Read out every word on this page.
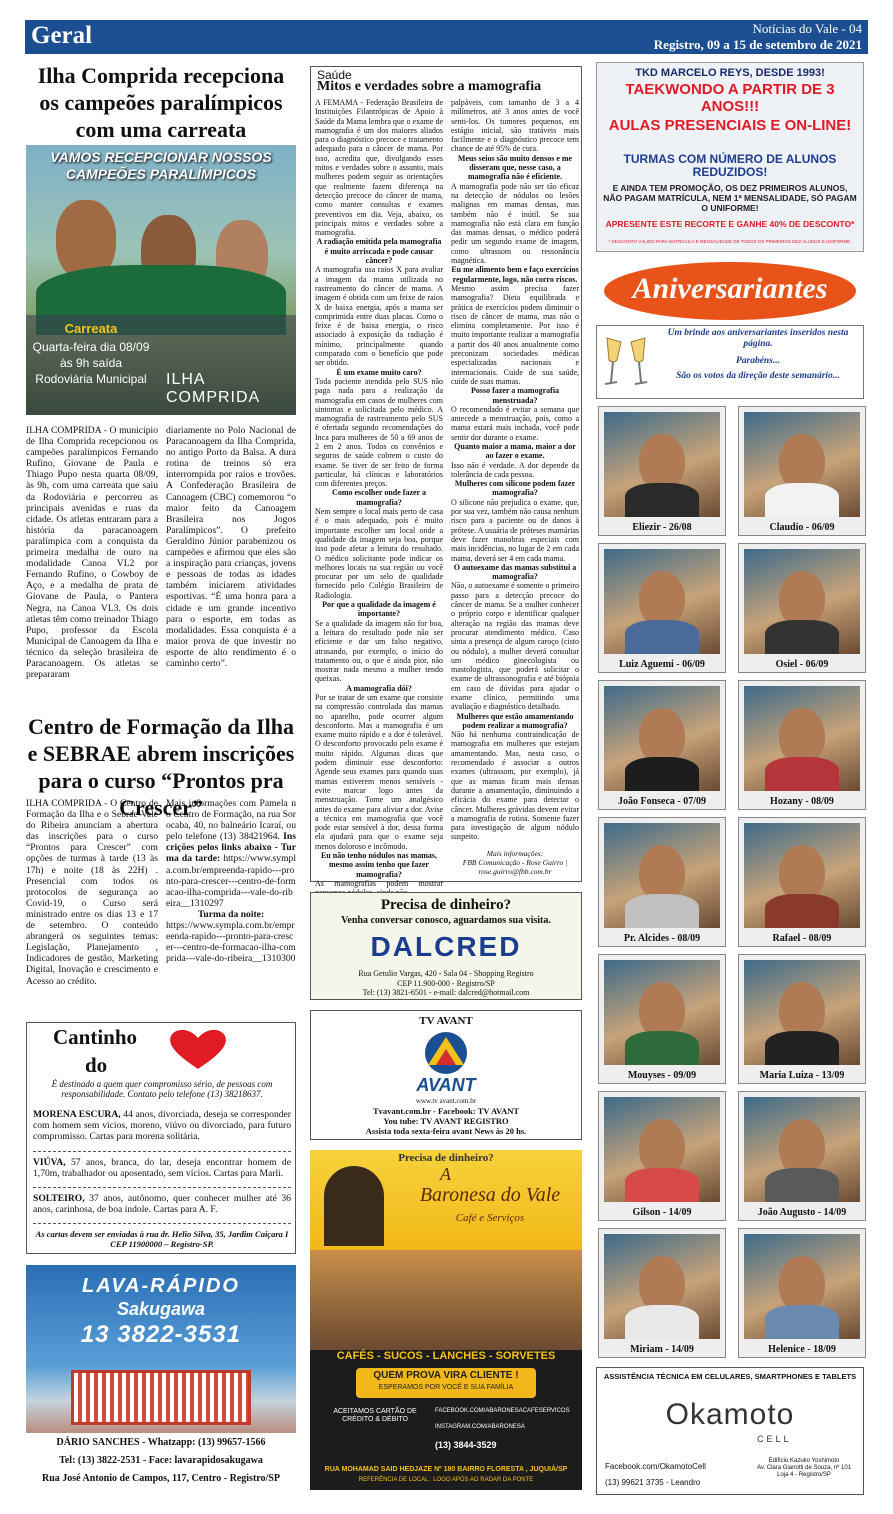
Geral	Notícias do Vale - 04
Registro, 09 a 15 de setembro de 2021
Ilha Comprida recepciona os campeões paralímpicos com uma carreata
VAMOS RECEPCIONAR NOSSOS CAMPEÕES PARALÍMPICOS
Carreata
Quarta-feira dia 08/09 às 9h saída Rodoviária Municipal ILHA COMPRIDA
ILHA COMPRIDA - O município de Ilha Comprida recepcionou os campeões paralímpicos Fernando Rufino, Giovane de Paula e Thiago Pupo nesta quarta 08/09, às 9h, com uma carreata que saiu da Rodoviária e percorreu as principais avenidas e ruas da cidade. Os atletas entraram para a história da paracanoagem paralímpica com a conquista da primeira medalha de ouro na modalidade Canoa VL2 por Fernando Rufino, o Cowboy de Aço, e a medalha de prata de Giovane de Paula, o Pantera Negra, na Canoa VL3. Os dois atletas têm como treinador Thiago Pupo, professor da Escola Municipal de Canoagem da Ilha e técnico da seleção brasileira de Paracanoagem. Os atletas se prepararam
diariamente no Polo Nacional de Paracanoagem da Ilha Comprida, no antigo Porto da Balsa. A dura rotina de treinos só era interrompida por raios e trovões. A Confederação Brasileira de Canoagem (CBC) comemorou “o maior feito da Canoagem Brasileira nos Jogos Paralímpicos”. O prefeito Geraldino Júnior parabenizou os campeões e afirmou que eles são a inspiração para crianças, jovens e pessoas de todas as idades também iniciarem atividades esportivas. “É uma honra para a cidade e um grande incentivo para o esporte, em todas as modalidades. Essa conquista é a maior prova de que investir no esporte de alto rendimento é o caminho certo”.
Centro de Formação da Ilha e SEBRAE abrem inscrições para o curso “Prontos pra Crescer”
ILHA COMPRIDA - O Centro de Formação da Ilha e o Sebrae-Vale do Ribeira anunciam a abertura das inscrições para o curso “Prontos para Crescer” com opções de turmas à tarde (13 às 17h) e noite (18 às 22H) . Presencial com todos os protocolos de segurança ao Covid-19, o Curso será ministrado entre os dias 13 e 17 de setembro. O conteúdo abrangerá os seguintes temas: Legislação, Planejamento , Indicadores de gestão, Marketing Digital, Inovação e crescimento e Acesso ao crédito.
Mais informações com Pamela no Centro de Formação, na rua Sorocaba, 40, no balneário Icaraí, ou pelo telefone (13) 38421964. Inscrições pelos links abaixo - Turma da tarde: https://www.sympla.com.br/empreenda-rapido---pronto-para-crescer---centro-de-formacao-ilha-comprida---vale-do-ribeira__1310297
Turma da noite:
https://www.sympla.com.br/empreenda-rapido---pronto-para-crescer---centro-de-formacao-ilha-comprida---vale-do-ribeira__1310300
Cantinho
do
É destinado a quem quer compromisso sério, de pessoas com responsabilidade. Contato pelo telefone (13) 38218637.
MORENA ESCURA, 44 anos, divorciada, deseja se corresponder com homem sem vícios, moreno, viúvo ou divorciado, para futuro compromisso. Cartas para morena solitária.
VIÚVA, 57 anos, branca, do lar, deseja encontrar homem de 1,70m, trabalhador ou aposentado, sem vícios. Cartas para Marli.
SOLTEIRO, 37 anos, autônomo, quer conhecer mulher até 36 anos, carinhosa, de boa índole. Cartas para A. F.
As cartas devem ser enviadas à rua dr. Helio Silva, 35, Jardim Caiçara I CEP 11900000 – Registro-SP.
LAVA-RÁPIDO
Sakugawa
13 3822-3531
DÁRIO SANCHES - Whatzapp: (13) 99657-1566
Tel: (13) 3822-2531 - Face: lavarapidosakugawa
Rua José Antonio de Campos, 117, Centro - Registro/SP
Saúde
Mitos e verdades sobre a mamografia
A FEMAMA - Federação Brasileira de Instituições Filantrópicas de Apoio à Saúde da Mama lembra que o exame de mamografia é um dos maiores aliados para o diagnóstico precoce e tratamento adequado para o câncer de mama. Por isso, acredita que, divulgando esses mitos e verdades sobre o assunto, mais mulheres podem seguir as orientações que realmente fazem diferença na detecção precoce do câncer de mama, como manter consultas e exames preventivos em dia. Veja, abaixo, os principais mitos e verdades sobre a mamografia.
A radiação emitida pela mamografia é muito arriscada e pode causar câncer?
A mamografia usa raios X para avaliar a imagem da mama utilizada no rastreamento do câncer de mama. A imagem é obtida com um feixe de raios X de baixa energia, após a mama ser comprimida entre duas placas. Como o feixe é de baixa energia, o risco associado à exposição da radiação é mínimo, principalmente quando comparado com o benefício que pode ser obtido.
É um exame muito caro?
Toda paciente atendida pelo SUS não paga nada para a realização da mamografia em casos de mulheres com sintomas e solicitada pelo médico. A mamografia de rastreamento pelo SUS é ofertada segundo recomendações do Inca para mulheres de 50 a 69 anos de 2 em 2 anos. Todos os convênios e seguros de saúde cobrem o custo do exame. Se tiver de ser feito de forma particular, há clínicas e laboratórios com diferentes preços.
Como escolher onde fazer a mamografia?
Nem sempre o local mais perto de casa é o mais adequado, pois é muito importante escolher um local onde a qualidade da imagem seja boa, porque isso pode afetar a leitura do resultado. O médico solicitante pode indicar os melhores locais na sua região ou você procurar por um selo de qualidade fornecido pelo Colégio Brasileiro de Radiologia.
Por que a qualidade da imagem é importante?
Se a qualidade da imagem não for boa, a leitura do resultado pode não ser eficiente e dar um falso negativo, atrasando, por exemplo, o início do tratamento ou, o que é ainda pior, não mostrar nada mesmo a mulher tendo queixas.
A mamografia dói?
Por se tratar de um exame que consiste na compressão controlada das mamas no aparelho, pode ocorrer algum desconforto. Mas a mamografia é um exame muito rápido e a dor é tolerável. O desconforto provocado pelo exame é muito rápido. Algumas dicas que podem diminuir esse desconforto: Agende seus exames para quando suas mamas estiverem menos sensíveis - evite marcar logo antes da menstruação. Tome um analgésico antes do exame para aliviar a dor. Avise a técnica em mamografia que você pode estar sensível à dor, dessa forma ela ajudará para que o exame seja menos doloroso e incômodo.
Eu não tenho nódulos nas mamas, mesmo assim tenho que fazer mamografia?
As mamografias podem mostrar
palpáveis, com tamanho de 3 a 4 milímetros, até 3 anos antes de você senti-los. Os tumores pequenos, em estágio inicial, são tratáveis mais facilmente e o diagnóstico precoce tem chance de até 95% de cura.
Meus seios são muito densos e me disseram que, nesse caso, a mamografia não é eficiente.
A mamografia pode não ser tão eficaz na detecção de nódulos ou lesões malignas em mamas densas, mas também não é inútil. Se sua mamografia não está clara em função das mamas densas, o médico poderá pedir um segundo exame de imagem, como ultrassom ou ressonância magnética.
Eu me alimento bem e faço exercícios regularmente, logo, não corro riscos.
Mesmo assim precisa fazer mamografia? Dieta equilibrada e prática de exercícios podem diminuir o risco de câncer de mama, mas não o elimina completamente. Por isso é muito importante realizar a mamografia a partir dos 40 anos anualmente como preconizam sociedades médicas especializadas nacionais e internacionais. Cuide de sua saúde, cuide de suas mamas.
Posso fazer a mamografia menstruada?
O recomendado é evitar a semana que antecede a menstruação, pois, como a mama estará mais inchada, você pode sentir dor durante o exame.
Quanto maior a mama, maior a dor ao fazer o exame.
Isso não é verdade. A dor depende da tolerância de cada pessoa.
Mulheres com silicone podem fazer mamografia?
O silicone não prejudica o exame, que, por sua vez, também não causa nenhum risco para a paciente ou de danos à prótese. A usuária de próteses mamárias deve fazer manobras especiais com mais incidências, no lugar de 2 em cada mama, deverá ser 4 em cada mama.
O autoexame das mamas substitui a mamografia?
Não, o autoexame é somente o primeiro passo para a detecção precoce do câncer de mama. Se a mulher conhecer o próprio corpo e identificar qualquer alteração na região das mamas deve procurar atendimento médico. Caso sinta a presença de algum caroço (cisto ou nódulo), a mulher deverá consultar um médico ginecologista ou mastologista, que poderá solicitar o exame de ultrassonografia e até biópsia em caso de dúvidas para ajudar o exame clínico, permitindo uma avaliação e diagnóstico detalhado.
Mulheres que estão amamentando podem realizar a mamografia?
Não há nenhuma contraindicação de mamografia em mulheres que estejam amamentando. Mas, nesta caso, o recomendado é associar a outros exames (ultrassom, por exemplo), já que as mamas ficam mais densas durante a amamentação, diminuindo a eficácia do exame para detectar o câncer. Mulheres grávidas devem evitar a mamografia de rotina. Somente fazer para investigação de algum nódulo suspeito.
Mais informações:
FBB Comunicação - Rose Guirro | rose.guirro@fbb.com.br
Precisa de dinheiro?
Venha conversar conosco, aguardamos sua visita.
DALCRED
Rua Getulio Vargas, 420 - Sala 04 - Shopping Registro
CEP 11.900-000 - Registro/SP
Tel: (13) 3821-6501 - e-mail: dalcred@hotmail.com
TV AVANT
AVANT
www.tv avant.com.br
Tvavant.com.br - Facebook: TV AVANT
You tube: TV AVANT REGISTRO
Assista toda sexta-feira avant News às 20 hs.
Precisa de dinheiro?
A
Baronesa do Vale
Café e Serviços
CAFÉS - SUCOS - LANCHES - SORVETES
QUEM PROVA VIRA CLIENTE !
ESPERAMOS POR VOCÊ E SUA FAMÍLIA
ACEITAMOS CARTÃO DE CRÉDITO & DÉBITO
FACEBOOK.COM/ABARONESACAFESERVICOS
INSTAGRAM.COM/ABARONESA
(13) 3844-3529
RUA MOHAMAD SAID HEDJAZE Nº 180 BAIRRO FLORESTA , JUQUIÁ/SP
REFERÊNCIA DE LOCAL : LOGO APÓS AO RADAR DA PONTE
TKD MARCELO REYS, DESDE 1993!
TAEKWONDO A PARTIR DE 3 ANOS!!!
AULAS PRESENCIAIS E ON-LINE!
TURMAS COM NÚMERO DE ALUNOS REDUZIDOS!
E AINDA TEM PROMOÇÃO, OS DEZ PRIMEIROS ALUNOS, NÃO PAGAM MATRÍCULA, NEM 1ª MENSALIDADE, SÓ PAGAM O UNIFORME!
APRESENTE ESTE RECORTE E GANHE 40% DE DESCONTO*
* DESCONTO VÁLIDO PARA MATRÍCULA E MENSALIDADE DE TODOS OS PRIMEIROS DEZ ALUNOS E UNIFORME.
Aniversariantes
Um brinde aos aniversariantes inseridos nesta página.
Parabéns...
São os votos da direção deste semanário...
Eliezir - 26/08	Claudio - 06/09
Luiz Aguemi - 06/09	Osiel - 06/09
João Fonseca - 07/09	Hozany - 08/09
Pr. Alcides - 08/09	Rafael - 08/09
Mouyses - 09/09	Maria Luiza - 13/09
Gilson - 14/09	João Augusto - 14/09
Miriam - 14/09	Helenice - 18/09
ASSISTÊNCIA TÉCNICA EM CELULARES, SMARTPHONES E TABLETS
Okamoto
CELL
Facebook.com/OkamotoCell
(13) 99621 3735 - Leandro
Edifício Kazuko Yoshimoto
Av. Clara Gianotti de Souza, nº 101
Loja 4 - Registro/SP
